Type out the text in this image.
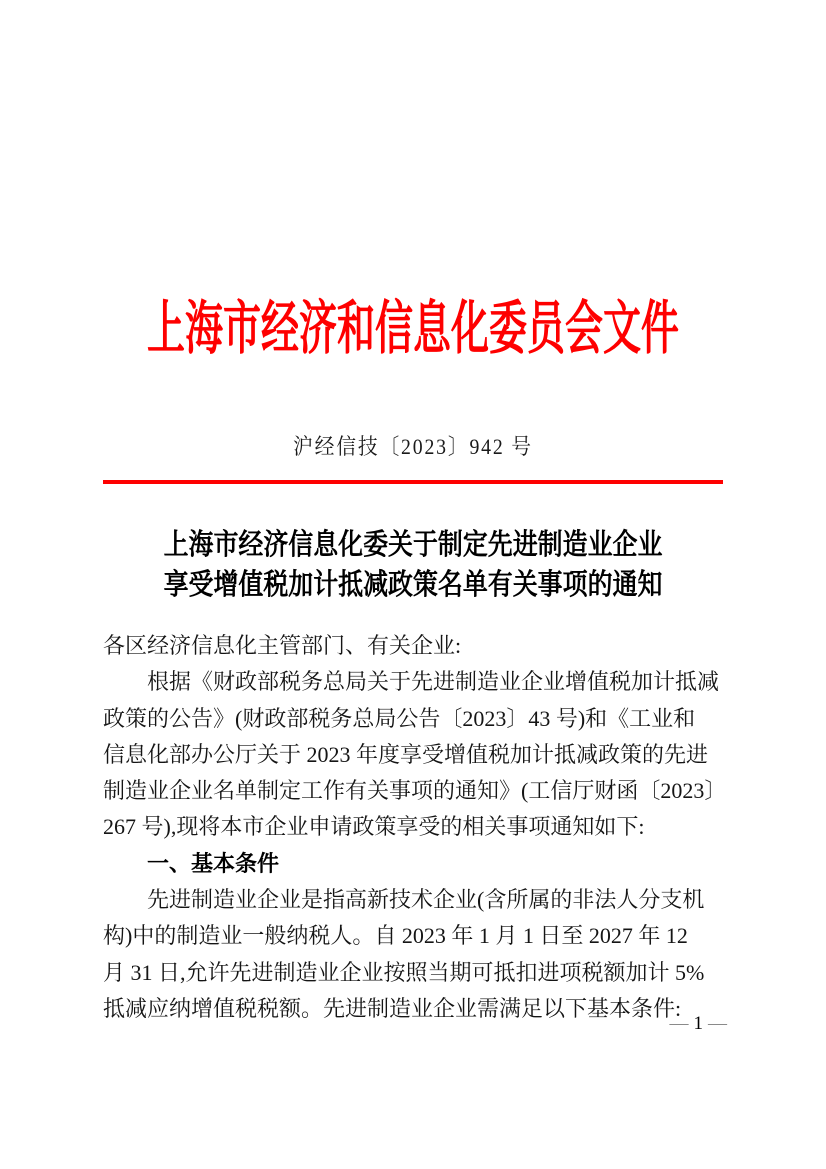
上海市经济和信息化委员会文件
沪经信技〔2023〕942 号
上海市经济信息化委关于制定先进制造业企业
享受增值税加计抵减政策名单有关事项的通知
各区经济信息化主管部门、有关企业:
根据《财政部税务总局关于先进制造业企业增值税加计抵减
政策的公告》(财政部税务总局公告〔2023〕43 号)和《工业和
信息化部办公厅关于 2023 年度享受增值税加计抵减政策的先进
制造业企业名单制定工作有关事项的通知》(工信厅财函〔2023〕
267 号),现将本市企业申请政策享受的相关事项通知如下:
一、基本条件
先进制造业企业是指高新技术企业(含所属的非法人分支机
构)中的制造业一般纳税人。自 2023 年 1 月 1 日至 2027 年 12
月 31 日,允许先进制造业企业按照当期可抵扣进项税额加计 5%
抵减应纳增值税税额。先进制造业企业需满足以下基本条件:
— 1 —
